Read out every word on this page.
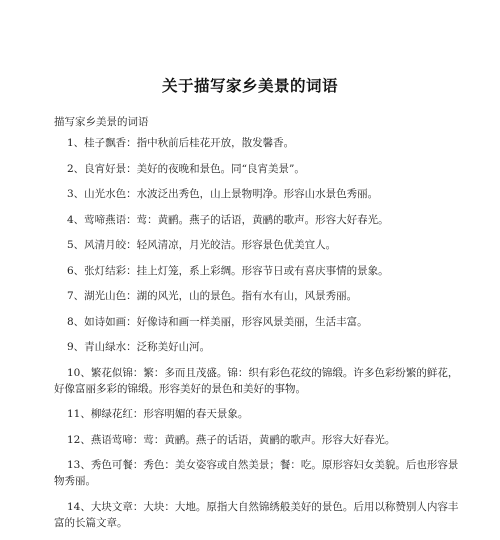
关于描写家乡美景的词语
描写家乡美景的词语
1、桂子飘香：指中秋前后桂花开放，散发馨香。
2、良宵好景：美好的夜晚和景色。同“良宵美景”。
3、山光水色：水波泛出秀色，山上景物明净。形容山水景色秀丽。
4、莺啼燕语：莺：黄鹂。燕子的话语，黄鹂的歌声。形容大好春光。
5、风清月皎：轻风清凉，月光皎洁。形容景色优美宜人。
6、张灯结彩：挂上灯笼，系上彩绸。形容节日或有喜庆事情的景象。
7、湖光山色：湖的风光，山的景色。指有水有山，风景秀丽。
8、如诗如画：好像诗和画一样美丽，形容风景美丽，生活丰富。
9、青山绿水：泛称美好山河。
10、繁花似锦：繁：多而且茂盛。锦：织有彩色花纹的锦缎。许多色彩纷繁的鲜花，好像富丽多彩的锦缎。形容美好的景色和美好的事物。
11、柳绿花红：形容明媚的春天景象。
12、燕语莺啼：莺：黄鹂。燕子的话语，黄鹂的歌声。形容大好春光。
13、秀色可餐：秀色：美女姿容或自然美景；餐：吃。原形容妇女美貌。后也形容景物秀丽。
14、大块文章：大块：大地。原指大自然锦绣般美好的景色。后用以称赞别人内容丰富的长篇文章。
